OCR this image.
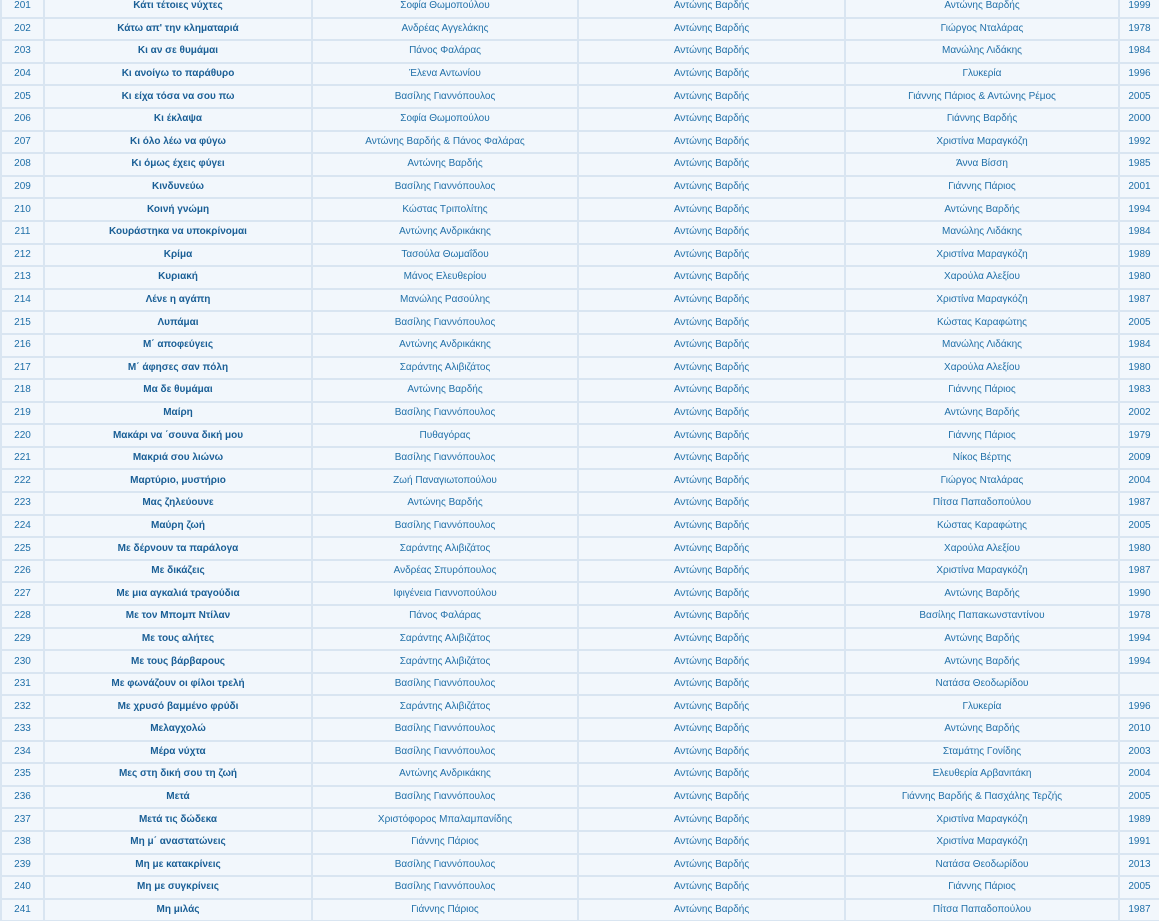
201	Κάτι τέτοιες νύχτες	Σοφία Θωμοπούλου	Αντώνης Βαρδής	Αντώνης Βαρδής	1999
202	Κάτω απ' την κληματαριά	Ανδρέας Αγγελάκης	Αντώνης Βαρδής	Γιώργος Νταλάρας	1978
203	Κι αν σε θυμάμαι	Πάνος Φαλάρας	Αντώνης Βαρδής	Μανώλης Λιδάκης	1984
204	Κι ανοίγω το παράθυρο	Έλενα Αντωνίου	Αντώνης Βαρδής	Γλυκερία	1996
205	Κι είχα τόσα να σου πω	Βασίλης Γιαννόπουλος	Αντώνης Βαρδής	Γιάννης Πάριος & Αντώνης Ρέμος	2005
206	Κι έκλαψα	Σοφία Θωμοπούλου	Αντώνης Βαρδής	Γιάννης Βαρδής	2000
207	Κι όλο λέω να φύγω	Αντώνης Βαρδής & Πάνος Φαλάρας	Αντώνης Βαρδής	Χριστίνα Μαραγκόζη	1992
208	Κι όμως έχεις φύγει	Αντώνης Βαρδής	Αντώνης Βαρδής	Άννα Βίσση	1985
209	Κινδυνεύω	Βασίλης Γιαννόπουλος	Αντώνης Βαρδής	Γιάννης Πάριος	2001
210	Κοινή γνώμη	Κώστας Τριπολίτης	Αντώνης Βαρδής	Αντώνης Βαρδής	1994
211	Κουράστηκα να υποκρίνομαι	Αντώνης Ανδρικάκης	Αντώνης Βαρδής	Μανώλης Λιδάκης	1984
212	Κρίμα	Τασούλα Θωμαΐδου	Αντώνης Βαρδής	Χριστίνα Μαραγκόζη	1989
213	Κυριακή	Μάνος Ελευθερίου	Αντώνης Βαρδής	Χαρούλα Αλεξίου	1980
214	Λένε η αγάπη	Μανώλης Ρασούλης	Αντώνης Βαρδής	Χριστίνα Μαραγκόζη	1987
215	Λυπάμαι	Βασίλης Γιαννόπουλος	Αντώνης Βαρδής	Κώστας Καραφώτης	2005
216	Μ΄ αποφεύγεις	Αντώνης Ανδρικάκης	Αντώνης Βαρδής	Μανώλης Λιδάκης	1984
217	Μ΄ άφησες σαν πόλη	Σαράντης Αλιβιζάτος	Αντώνης Βαρδής	Χαρούλα Αλεξίου	1980
218	Μα δε θυμάμαι	Αντώνης Βαρδής	Αντώνης Βαρδής	Γιάννης Πάριος	1983
219	Μαίρη	Βασίλης Γιαννόπουλος	Αντώνης Βαρδής	Αντώνης Βαρδής	2002
220	Μακάρι να ΄σουνα δική μου	Πυθαγόρας	Αντώνης Βαρδής	Γιάννης Πάριος	1979
221	Μακριά σου λιώνω	Βασίλης Γιαννόπουλος	Αντώνης Βαρδής	Νίκος Βέρτης	2009
222	Μαρτύριο, μυστήριο	Ζωή Παναγιωτοπούλου	Αντώνης Βαρδής	Γιώργος Νταλάρας	2004
223	Μας ζηλεύουνε	Αντώνης Βαρδής	Αντώνης Βαρδής	Πίτσα Παπαδοπούλου	1987
224	Μαύρη ζωή	Βασίλης Γιαννόπουλος	Αντώνης Βαρδής	Κώστας Καραφώτης	2005
225	Με δέρνουν τα παράλογα	Σαράντης Αλιβιζάτος	Αντώνης Βαρδής	Χαρούλα Αλεξίου	1980
226	Με δικάζεις	Ανδρέας Σπυρόπουλος	Αντώνης Βαρδής	Χριστίνα Μαραγκόζη	1987
227	Με μια αγκαλιά τραγούδια	Ιφιγένεια Γιαννοπούλου	Αντώνης Βαρδής	Αντώνης Βαρδής	1990
228	Με τον Μπομπ Ντίλαν	Πάνος Φαλάρας	Αντώνης Βαρδής	Βασίλης Παπακωνσταντίνου	1978
229	Με τους αλήτες	Σαράντης Αλιβιζάτος	Αντώνης Βαρδής	Αντώνης Βαρδής	1994
230	Με τους βάρβαρους	Σαράντης Αλιβιζάτος	Αντώνης Βαρδής	Αντώνης Βαρδής	1994
231	Με φωνάζουν οι φίλοι τρελή	Βασίλης Γιαννόπουλος	Αντώνης Βαρδής	Νατάσα Θεοδωρίδου	
232	Με χρυσό βαμμένο φρύδι	Σαράντης Αλιβιζάτος	Αντώνης Βαρδής	Γλυκερία	1996
233	Μελαγχολώ	Βασίλης Γιαννόπουλος	Αντώνης Βαρδής	Αντώνης Βαρδής	2010
234	Μέρα νύχτα	Βασίλης Γιαννόπουλος	Αντώνης Βαρδής	Σταμάτης Γονίδης	2003
235	Μες στη δική σου τη ζωή	Αντώνης Ανδρικάκης	Αντώνης Βαρδής	Ελευθερία Αρβανιτάκη	2004
236	Μετά	Βασίλης Γιαννόπουλος	Αντώνης Βαρδής	Γιάννης Βαρδής & Πασχάλης Τερζής	2005
237	Μετά τις δώδεκα	Χριστόφορος Μπαλαμπανίδης	Αντώνης Βαρδής	Χριστίνα Μαραγκόζη	1989
238	Μη μ΄ αναστατώνεις	Γιάννης Πάριος	Αντώνης Βαρδής	Χριστίνα Μαραγκόζη	1991
239	Μη με κατακρίνεις	Βασίλης Γιαννόπουλος	Αντώνης Βαρδής	Νατάσα Θεοδωρίδου	2013
240	Μη με συγκρίνεις	Βασίλης Γιαννόπουλος	Αντώνης Βαρδής	Γιάννης Πάριος	2005
241	Μη μιλάς	Γιάννης Πάριος	Αντώνης Βαρδής	Πίτσα Παπαδοπούλου	1987
